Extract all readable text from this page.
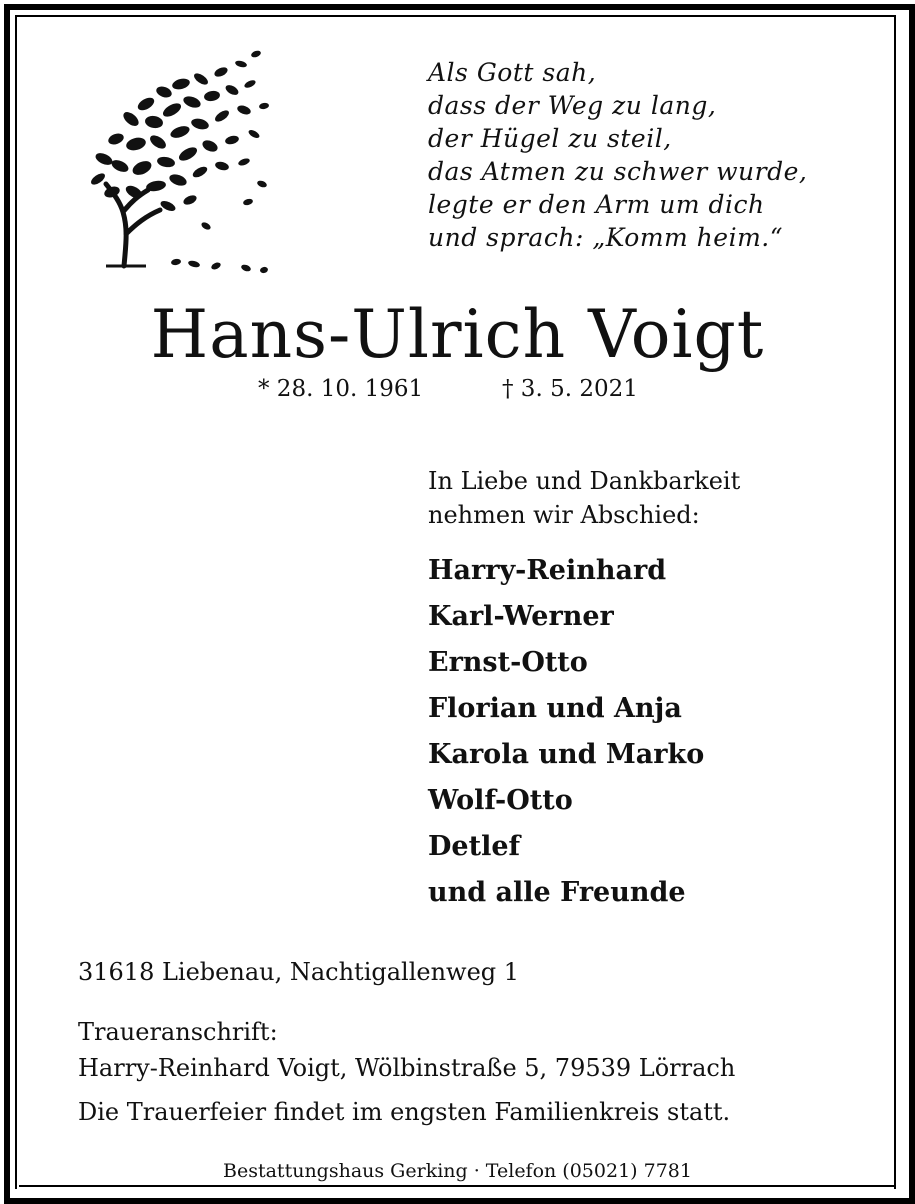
Als Gott sah,
dass der Weg zu lang,
der Hügel zu steil,
das Atmen zu schwer wurde,
legte er den Arm um dich
und sprach: „Komm heim.“
Hans-Ulrich Voigt
* 28. 10. 1961	† 3. 5. 2021
In Liebe und Dankbarkeit
nehmen wir Abschied:
Harry-Reinhard
Karl-Werner
Ernst-Otto
Florian und Anja
Karola und Marko
Wolf-Otto
Detlef
und alle Freunde
31618 Liebenau, Nachtigallenweg 1
Traueranschrift:
Harry-Reinhard Voigt, Wölbinstraße 5, 79539 Lörrach
Die Trauerfeier findet im engsten Familienkreis statt.
Bestattungshaus Gerking · Telefon (05021) 7781
